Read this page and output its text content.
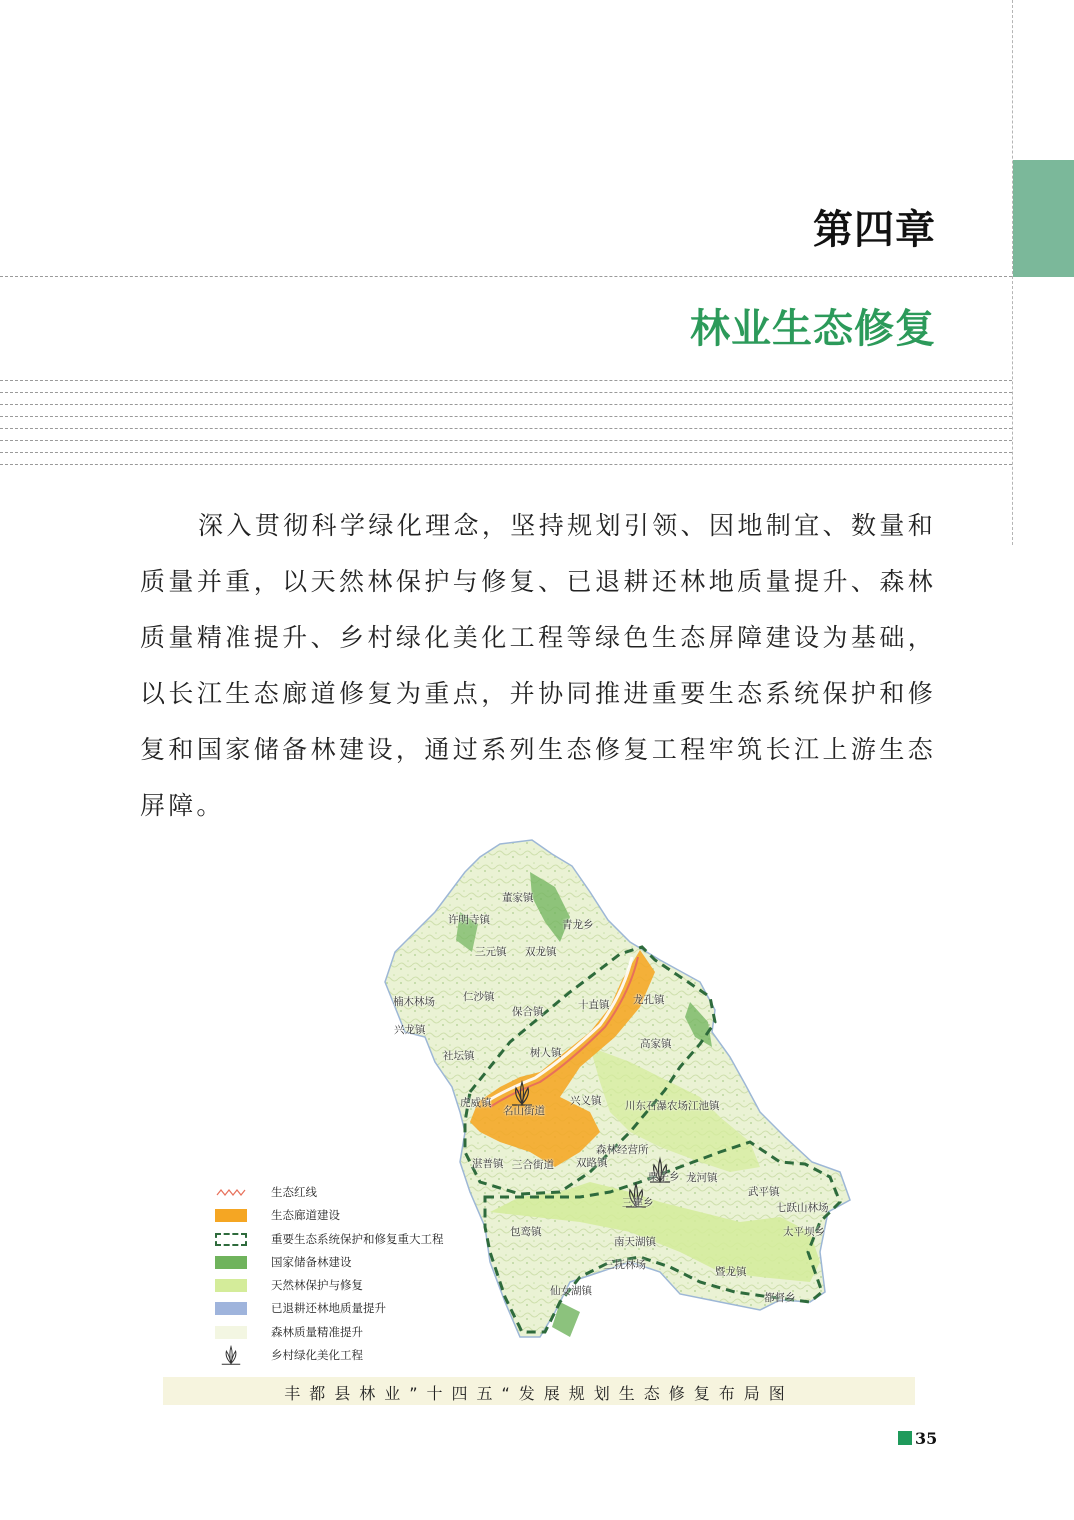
第四章
林业生态修复

深入贯彻科学绿化理念，坚持规划引领、因地制宜、数量和质量并重，以天然林保护与修复、已退耕还林地质量提升、森林质量精准提升、乡村绿化美化工程等绿色生态屏障建设为基础，以长江生态廊道修复为重点，并协同推进重要生态系统保护和修复和国家储备林建设，通过系列生态修复工程牢筑长江上游生态屏障。

董家镇
许明寺镇	青龙乡
三元镇 双龙镇
楠木林场	仁沙镇
保合镇
十直镇 龙孔镇
兴龙镇
社坛镇	树人镇
高家镇
虎威镇
名山街道
兴义镇 川东石瀑农场 江池镇
森林经营所
双路镇
栗子乡 龙河镇
湛普镇 三合街道
三建乡
武平镇
七跃山林场
太平坝乡
包鸾镇
南天湖镇
三抚林场
仙女湖镇
暨龙镇
都督乡
生态红线
生态廊道建设
重要生态系统保护和修复重大工程
国家储备林建设
天然林保护与修复
已退耕还林地质量提升
森林质量精准提升
乡村绿化美化工程
丰都县林业”十四五“发展规划生态修复布局图
35
